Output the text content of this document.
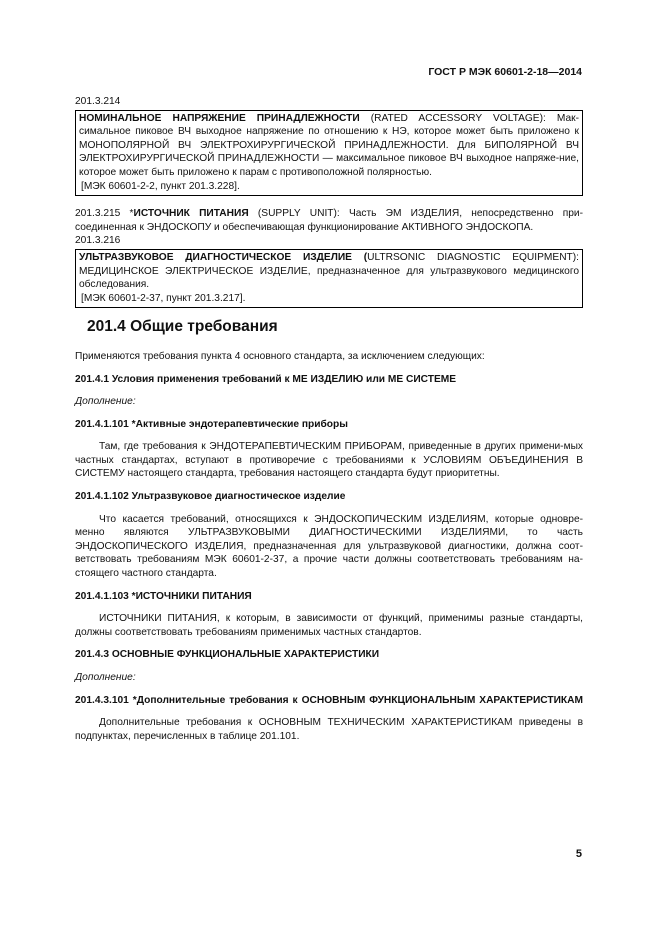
ГОСТ Р МЭК 60601-2-18—2014

201.3.214

НОМИНАЛЬНОЕ НАПРЯЖЕНИЕ ПРИНАДЛЕЖНОСТИ (RATED ACCESSORY VOLTAGE): Мак- симальное пиковое ВЧ выходное напряжение по отношению к НЭ, которое может быть приложено к МОНОПОЛЯРНОЙ ВЧ ЭЛЕКТРОХИРУРГИЧЕСКОЙ ПРИНАДЛЕЖНОСТИ. Для БИПОЛЯРНОЙ ВЧ ЭЛЕКТРОХИРУРГИЧЕСКОЙ ПРИНАДЛЕЖНОСТИ — максимальное пиковое ВЧ выходное напряже-ние, которое может быть приложено к парам с противоположной полярностью.

[МЭК 60601-2-2, пункт 201.3.228].

201.3.215 *ИСТОЧНИК ПИТАНИЯ (SUPPLY UNIT): Часть ЭМ ИЗДЕЛИЯ, непосредственно при-соединенная к ЭНДОСКОПУ и обеспечивающая функционирование АКТИВНОГО ЭНДОСКОПА.

201.3.216

УЛЬТРАЗВУКОВОЕ ДИАГНОСТИЧЕСКОЕ ИЗДЕЛИЕ (ULTRSONIC DIAGNOSTIC EQUIPMENT): МЕДИЦИНСКОЕ ЭЛЕКТРИЧЕСКОЕ ИЗДЕЛИЕ, предназначенное для ультразвукового медицинского обследования.

[МЭК 60601-2-37, пункт 201.3.217].

201.4 Общие требования

Применяются требования пункта 4 основного стандарта, за исключением следующих:

201.4.1 Условия применения требований к МЕ ИЗДЕЛИЮ или МЕ СИСТЕМЕ

Дополнение:

201.4.1.101 *Активные эндотерапевтические приборы

Там, где требования к ЭНДОТЕРАПЕВТИЧЕСКИМ ПРИБОРАМ, приведенные в других примени-мых частных стандартах, вступают в противоречие с требованиями к УСЛОВИЯМ ОБЪЕДИНЕНИЯ В СИСТЕМУ настоящего стандарта, требования настоящего стандарта будут приоритетны.

201.4.1.102 Ультразвуковое диагностическое изделие

Что касается требований, относящихся к ЭНДОСКОПИЧЕСКИМ ИЗДЕЛИЯМ, которые одновре-менно являются УЛЬТРАЗВУКОВЫМИ ДИАГНОСТИЧЕСКИМИ ИЗДЕЛИЯМИ, то часть ЭНДОСКОПИЧЕСКОГО ИЗДЕЛИЯ, предназначенная для ультразвуковой диагностики, должна соот-ветствовать требованиям МЭК 60601-2-37, а прочие части должны соответствовать требованиям на-стоящего частного стандарта.

201.4.1.103 *ИСТОЧНИКИ ПИТАНИЯ

ИСТОЧНИКИ ПИТАНИЯ, к которым, в зависимости от функций, применимы разные стандарты, должны соответствовать требованиям применимых частных стандартов.

201.4.3 ОСНОВНЫЕ ФУНКЦИОНАЛЬНЫЕ ХАРАКТЕРИСТИКИ

Дополнение:

201.4.3.101 *Дополнительные требования к ОСНОВНЫМ ФУНКЦИОНАЛЬНЫМ ХАРАКТЕРИСТИКАМ

Дополнительные требования к ОСНОВНЫМ ТЕХНИЧЕСКИМ ХАРАКТЕРИСТИКАМ приведены в подпунктах, перечисленных в таблице 201.101.

5
